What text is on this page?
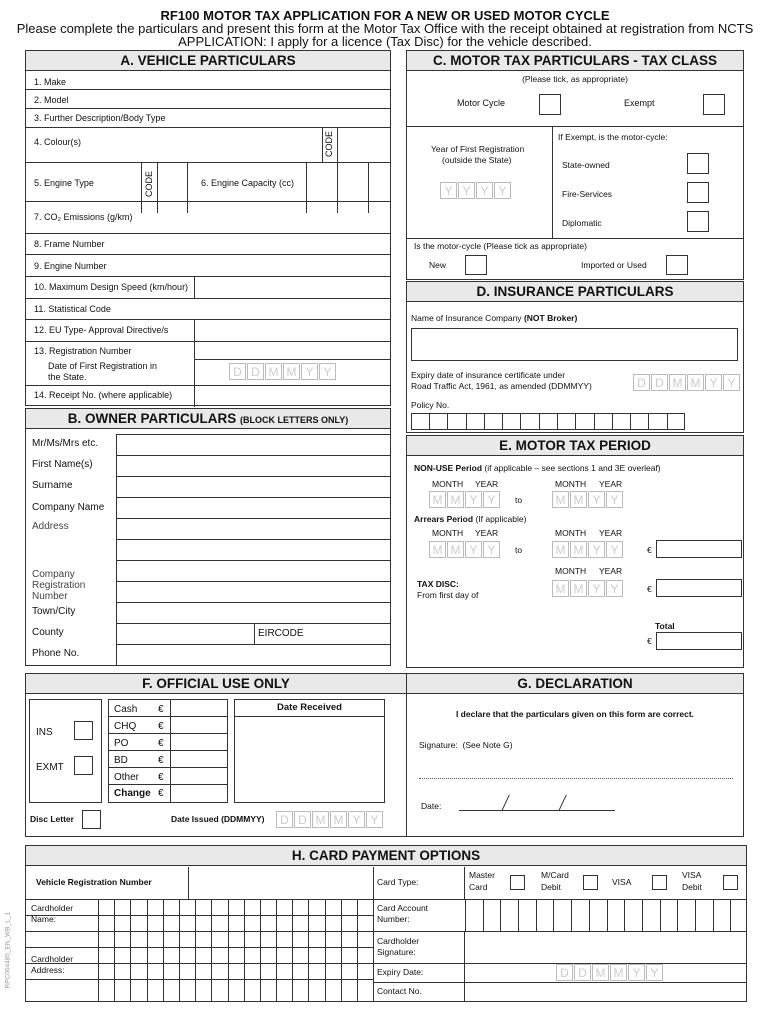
RF100 MOTOR TAX APPLICATION FOR A NEW OR USED MOTOR CYCLE
Please complete the particulars and present this form at the Motor Tax Office with the receipt obtained at registration from NCTS
APPLICATION: I apply for a licence (Tax Disc) for the vehicle described.
A. VEHICLE PARTICULARS
1. Make
2. Model
3. Further Description/Body Type
4. Colour(s)	CODE
5. Engine Type	CODE	6. Engine Capacity (cc)
7. CO₂ Emissions (g/km)
8. Frame Number
9. Engine Number
10. Maximum Design Speed (km/hour)
11. Statistical Code
12. EU Type- Approval Directive/s
13. Registration Number
Date of First Registration in
the State.	D D M M Y Y
14. Receipt No. (where applicable)
B. OWNER PARTICULARS (BLOCK LETTERS ONLY)
Mr/Ms/Mrs etc.
First Name(s)
Surname
Company Name
Address
Company
Registration
Number
Town/City
County
Phone No.
EIRCODE
C. MOTOR TAX PARTICULARS - TAX CLASS
(Please tick, as appropriate)
Motor Cycle	Exempt
Year of First Registration
(outside the State)
Y Y Y Y
If Exempt, is the motor-cycle:
State-owned
Fire-Services
Diplomatic
Is the motor-cycle (Please tick as appropriate)
New	Imported or Used
D. INSURANCE PARTICULARS
Name of Insurance Company (NOT Broker)
Expiry date of insurance certificate under
Road Traffic Act, 1961, as amended (DDMMYY)	D D M M Y Y
Policy No.
E. MOTOR TAX PERIOD
NON-USE Period (if applicable – see sections 1 and 3E overleaf)
MONTH YEAR
M M Y Y	to
MONTH YEAR
M M Y Y
Arrears Period (If applicable)
MONTH YEAR
M M Y Y	to
MONTH YEAR
M M Y Y	€
MONTH YEAR
TAX DISC:
From first day of	M M Y Y	€
Total
€
F. OFFICIAL USE ONLY
INS
EXMT
Cash €
CHQ €
PO	€
BD	€
Other €
Change €
Date Received
Disc Letter	Date Issued (DDMMYY)	D D M M Y Y
G. DECLARATION
I declare that the particulars given on this form are correct.
Signature: (See Note G)
Date:
H. CARD PAYMENT OPTIONS
Vehicle Registration Number	Card Type:
Master
Card
M/Card
Debit	VISA
VISA
Debit
Cardholder
Name:
Card Account
Number:
Cardholder
Address:
Cardholder
Signature:
Expiry Date:	D D M M Y Y
Contact No.
RPC004485_EN_WB_L_1
